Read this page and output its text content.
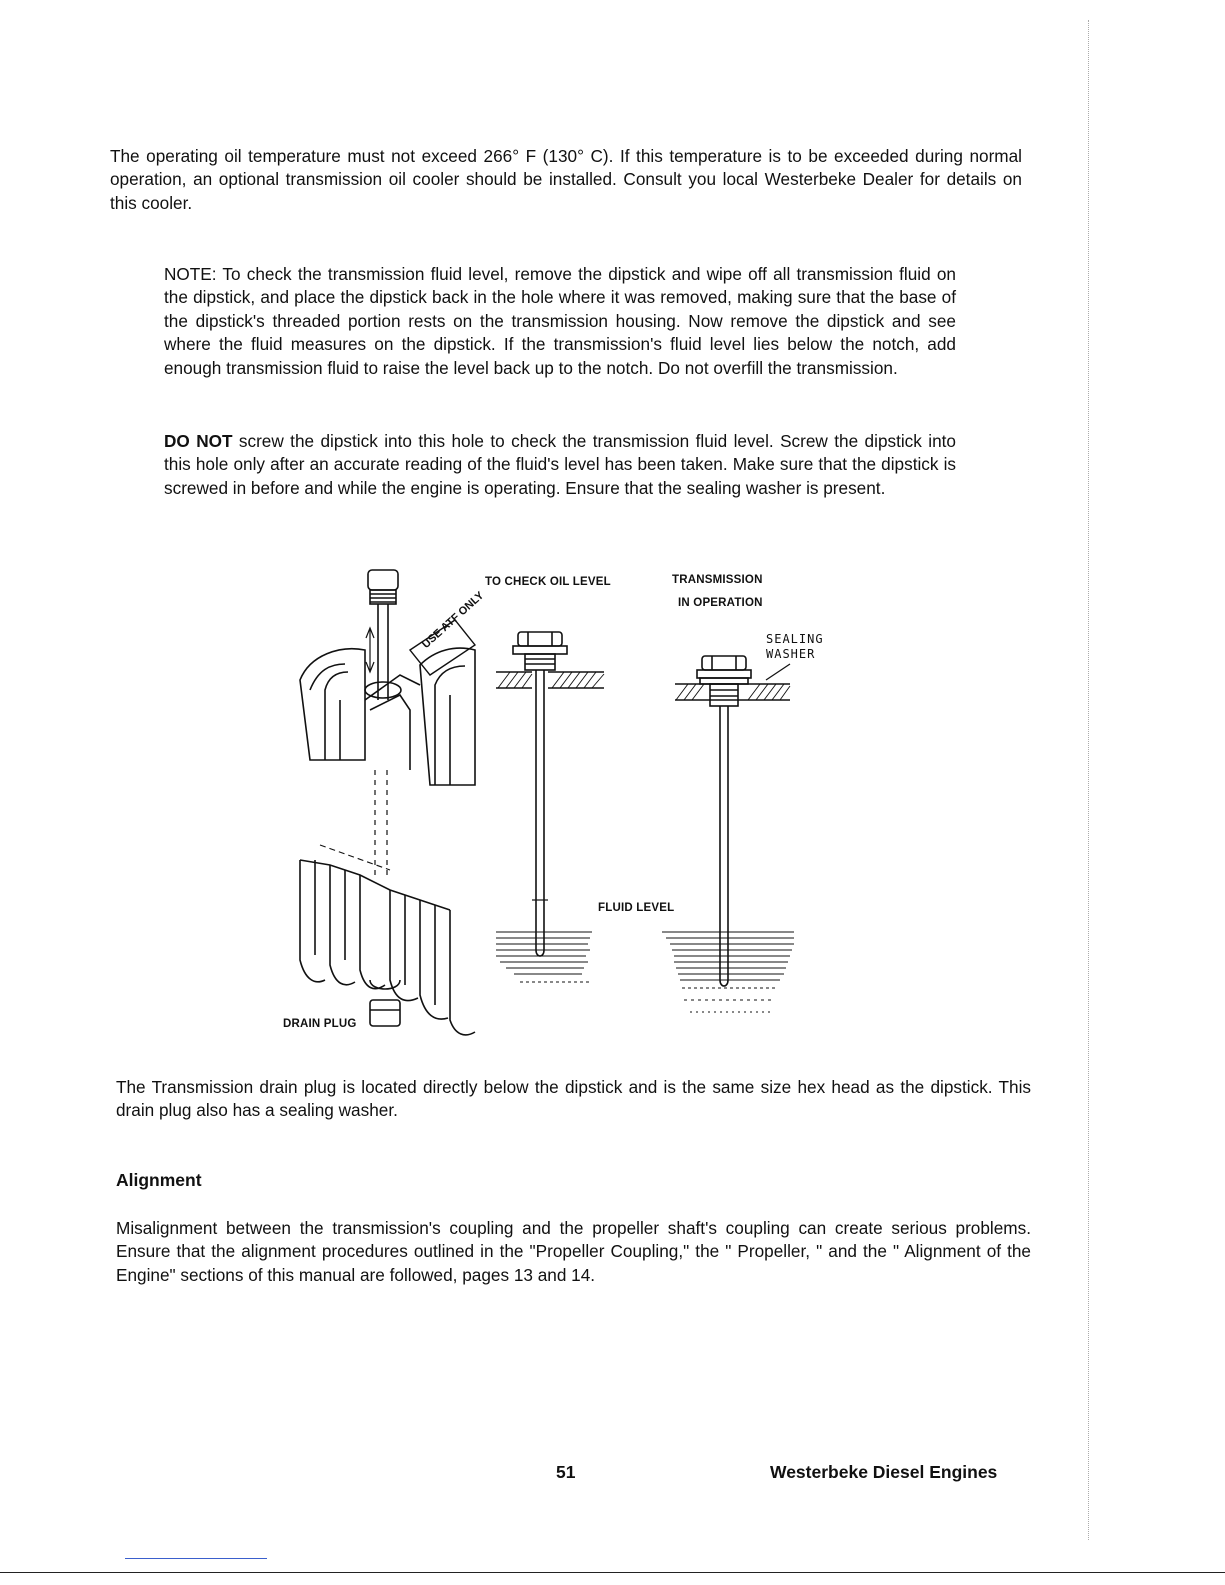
The operating oil temperature must not exceed 266° F (130° C). If this temperature is to be exceeded during normal operation, an optional transmission oil cooler should be installed. Consult you local Westerbeke Dealer for details on this cooler.

NOTE: To check the transmission fluid level, remove the dipstick and wipe off all transmission fluid on the dipstick, and place the dipstick back in the hole where it was removed, making sure that the base of the dipstick's threaded portion rests on the transmission housing. Now remove the dipstick and see where the fluid measures on the dipstick. If the transmission's fluid level lies below the notch, add enough transmission fluid to raise the level back up to the notch. Do not overfill the transmission.

DO NOT screw the dipstick into this hole to check the transmission fluid level. Screw the dipstick into this hole only after an accurate reading of the fluid's level has been taken. Make sure that the dipstick is screwed in before and while the engine is operating. Ensure that the sealing washer is present.

USE ATF ONLY
TO CHECK OIL LEVEL	TRANSMISSION
IN OPERATION
SEALING
WASHER
FLUID LEVEL
DRAIN PLUG

The Transmission drain plug is located directly below the dipstick and is the same size hex head as the dipstick. This drain plug also has a sealing washer.

Alignment

Misalignment between the transmission's coupling and the propeller shaft's coupling can create serious problems. Ensure that the alignment procedures outlined in the "Propeller Coupling," the " Propeller, " and the " Alignment of the Engine" sections of this manual are followed, pages 13 and 14.

51	Westerbeke Diesel Engines
